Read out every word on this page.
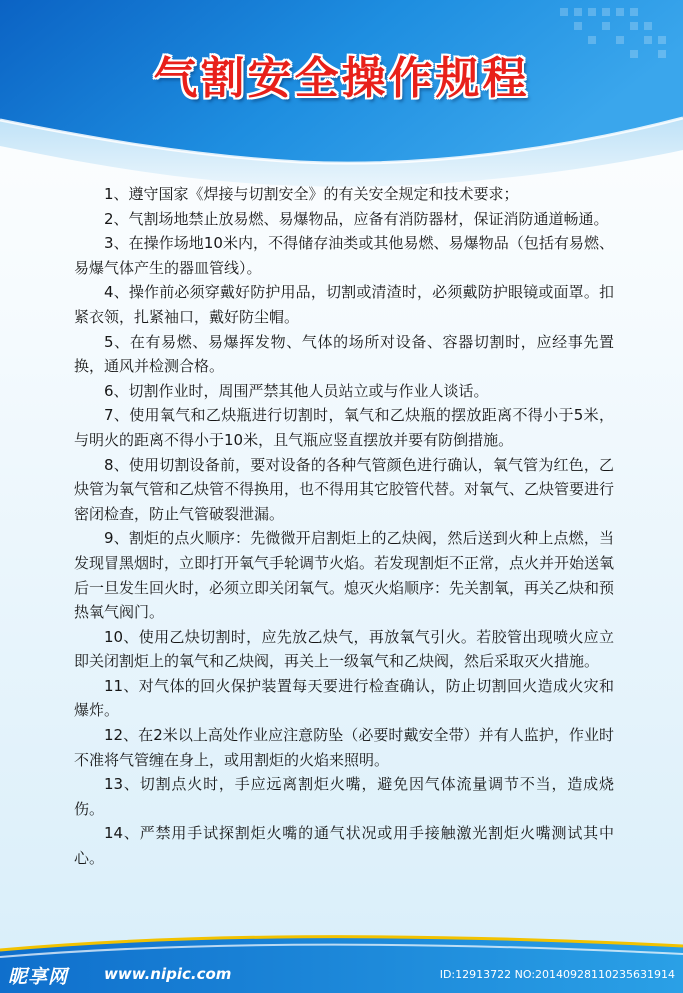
气割安全操作规程

1、遵守国家《焊接与切割安全》的有关安全规定和技术要求；

2、气割场地禁止放易燃、易爆物品，应备有消防器材，保证消防通道畅通。

3、在操作场地10米内，不得储存油类或其他易燃、易爆物品（包括有易燃、易爆气体产生的器皿管线）。

4、操作前必须穿戴好防护用品，切割或清渣时，必须戴防护眼镜或面罩。扣紧衣领，扎紧袖口，戴好防尘帽。

5、在有易燃、易爆挥发物、气体的场所对设备、容器切割时，应经事先置换，通风并检测合格。

6、切割作业时，周围严禁其他人员站立或与作业人谈话。

7、使用氧气和乙炔瓶进行切割时，氧气和乙炔瓶的摆放距离不得小于5米，与明火的距离不得小于10米，且气瓶应竖直摆放并要有防倒措施。

8、使用切割设备前，要对设备的各种气管颜色进行确认，氧气管为红色，乙炔管为氧气管和乙炔管不得换用，也不得用其它胶管代替。对氧气、乙炔管要进行密闭检查，防止气管破裂泄漏。

9、割炬的点火顺序：先微微开启割炬上的乙炔阀，然后送到火种上点燃，当发现冒黑烟时，立即打开氧气手轮调节火焰。若发现割炬不正常，点火并开始送氧后一旦发生回火时，必须立即关闭氧气。熄灭火焰顺序：先关割氧，再关乙炔和预热氧气阀门。

10、使用乙炔切割时，应先放乙炔气，再放氧气引火。若胶管出现喷火应立即关闭割炬上的氧气和乙炔阀，再关上一级氧气和乙炔阀，然后采取灭火措施。

11、对气体的回火保护装置每天要进行检查确认，防止切割回火造成火灾和爆炸。

12、在2米以上高处作业应注意防坠（必要时戴安全带）并有人监护，作业时不准将气管缠在身上，或用割炬的火焰来照明。

13、切割点火时，手应远离割炬火嘴，避免因气体流量调节不当，造成烧伤。

14、严禁用手试探割炬火嘴的通气状况或用手接触激光割炬火嘴测试其中心。

昵享网 www.nipic.com	ID:12913722 NO:20140928110235631914
